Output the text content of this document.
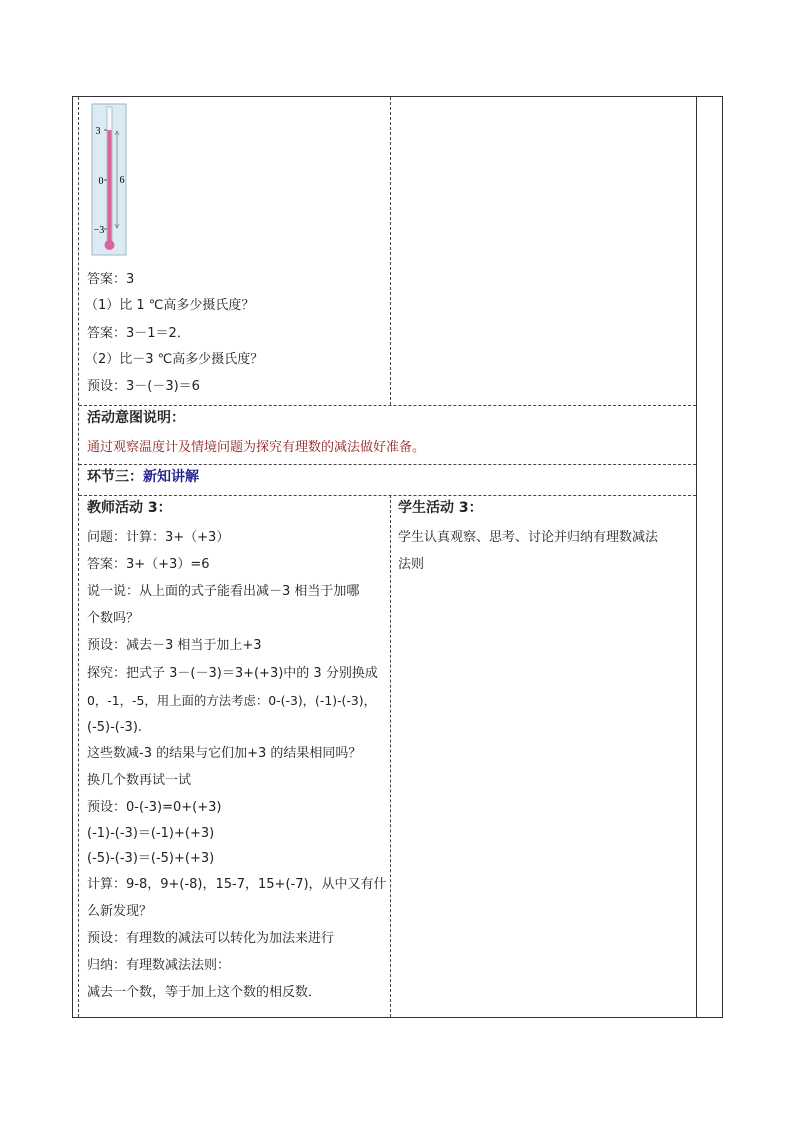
3
0
−3
6
答案：3
（1）比 1 ℃高多少摄氏度？
答案：3－1＝2．
（2）比－3 ℃高多少摄氏度？
预设：3－(－3)＝6
活动意图说明：
通过观察温度计及情境问题为探究有理数的减法做好准备。
环节三：新知讲解
教师活动 3：
问题：计算：3+（+3）
答案：3+（+3）=6
说一说：从上面的式子能看出减－3 相当于加哪
个数吗？
预设：减去－3 相当于加上+3
探究：把式子 3－(－3)＝3+(+3)中的 3 分别换成
0，-1，-5，用上面的方法考虑：0-(-3)，(-1)-(-3)，
(-5)-(-3).
这些数减-3 的结果与它们加+3 的结果相同吗？
换几个数再试一试
预设：0-(-3)=0+(+3)
(-1)-(-3)＝(-1)+(+3)
(-5)-(-3)＝(-5)+(+3)
计算：9-8，9+(-8)，15-7，15+(-7)，从中又有什
么新发现？
预设：有理数的减法可以转化为加法来进行
归纳：有理数减法法则：
减去一个数，等于加上这个数的相反数．
学生活动 3：
学生认真观察、思考、讨论并归纳有理数减法
法则
